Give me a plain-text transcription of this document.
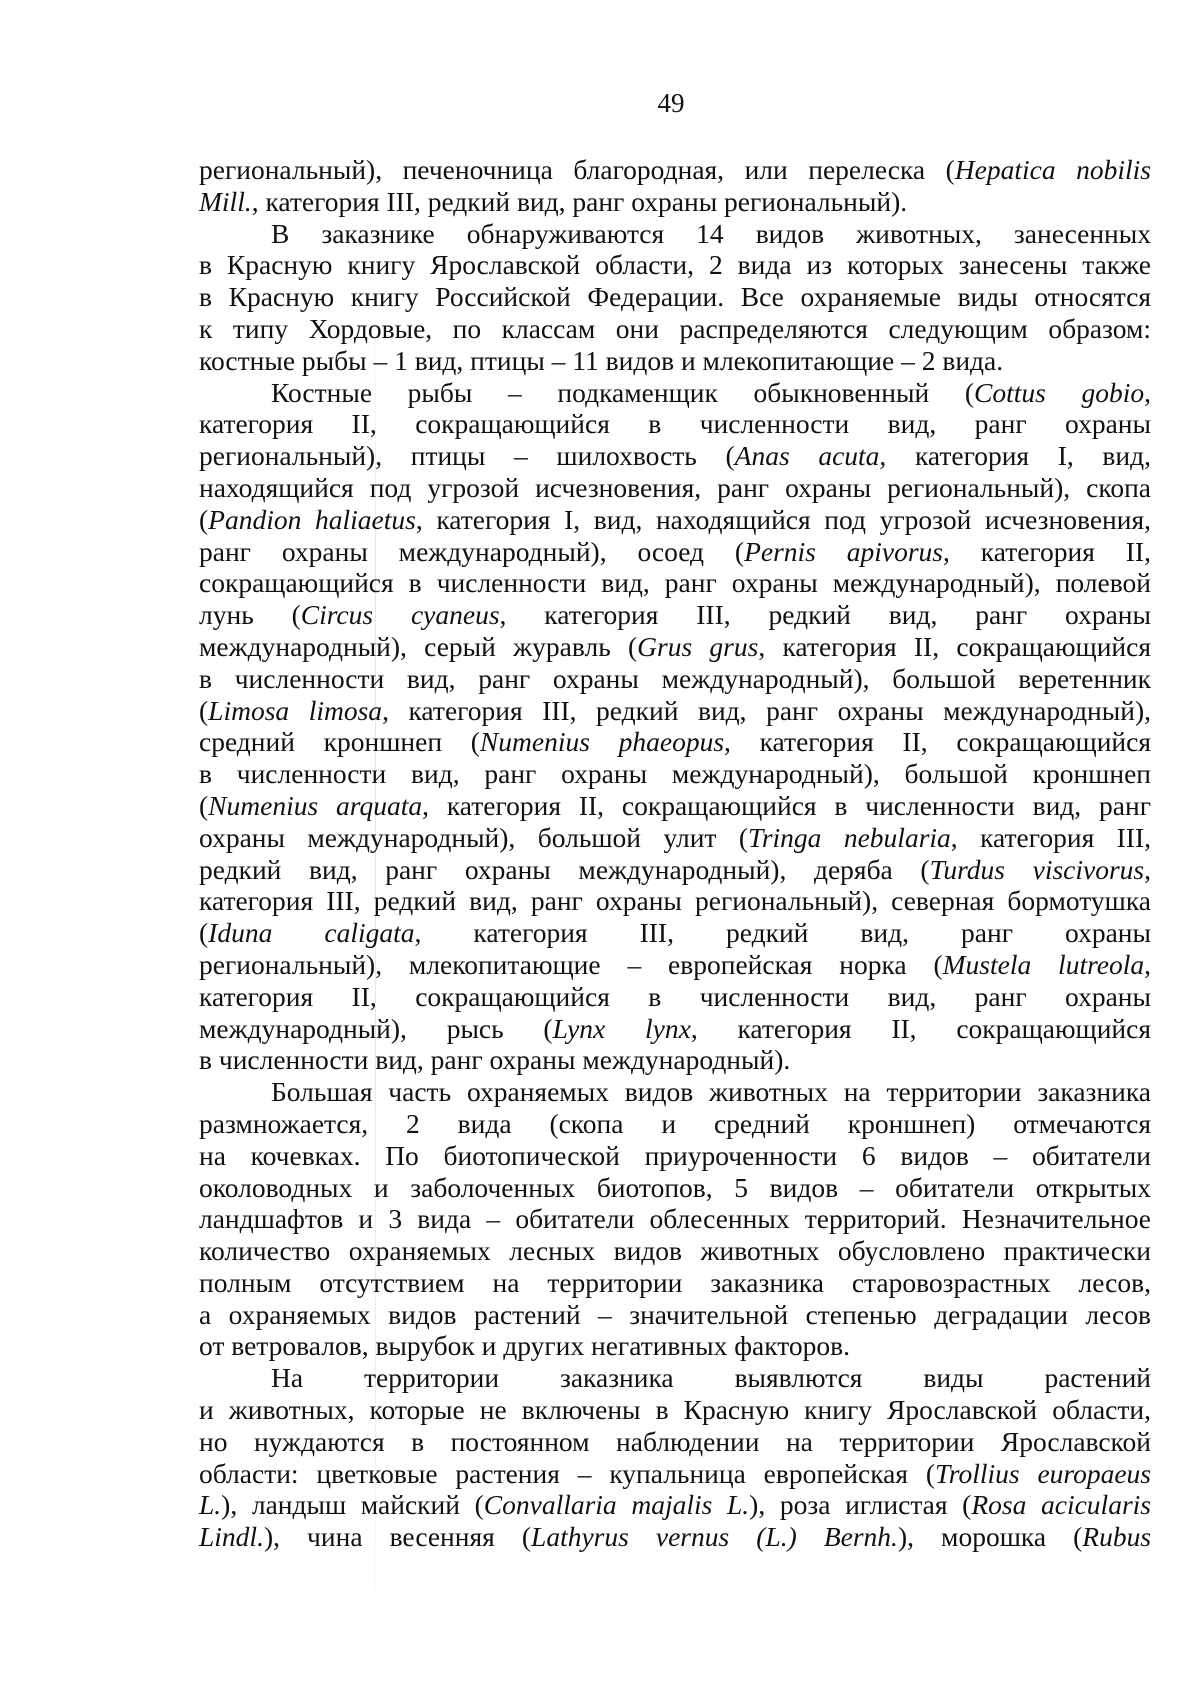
49
региональный), печеночница благородная, или перелеска (Hepatica nobilis
Mill., категория III, редкий вид, ранг охраны региональный).
В заказнике обнаруживаются 14 видов животных, занесенных
в Красную книгу Ярославской области, 2 вида из которых занесены также
в Красную книгу Российской Федерации. Все охраняемые виды относятся
к типу Хордовые, по классам они распределяются следующим образом:
костные рыбы – 1 вид, птицы – 11 видов и млекопитающие – 2 вида.
Костные рыбы – подкаменщик обыкновенный (Cottus gobio,
категория II, сокращающийся в численности вид, ранг охраны
региональный), птицы – шилохвость (Anas acuta, категория I, вид,
находящийся под угрозой исчезновения, ранг охраны региональный), скопа
(Pandion haliaetus, категория I, вид, находящийся под угрозой исчезновения,
ранг охраны международный), осоед (Pernis apivorus, категория II,
сокращающийся в численности вид, ранг охраны международный), полевой
лунь (Circus cyaneus, категория III, редкий вид, ранг охраны
международный), серый журавль (Grus grus, категория II, сокращающийся
в численности вид, ранг охраны международный), большой веретенник
(Limosa limosa, категория III, редкий вид, ранг охраны международный),
средний кроншнеп (Numenius phaeopus, категория II, сокращающийся
в численности вид, ранг охраны международный), большой кроншнеп
(Numenius arquata, категория II, сокращающийся в численности вид, ранг
охраны международный), большой улит (Tringa nebularia, категория III,
редкий вид, ранг охраны международный), деряба (Turdus viscivorus,
категория III, редкий вид, ранг охраны региональный), северная бормотушка
(Iduna caligata, категория III, редкий вид, ранг охраны
региональный), млекопитающие – европейская норка (Mustela lutreola,
категория II, сокращающийся в численности вид, ранг охраны
международный), рысь (Lynx lynx, категория II, сокращающийся
в численности вид, ранг охраны международный).
Большая часть охраняемых видов животных на территории заказника
размножается, 2 вида (скопа и средний кроншнеп) отмечаются
на кочевках. По биотопической приуроченности 6 видов – обитатели
околоводных и заболоченных биотопов, 5 видов – обитатели открытых
ландшафтов и 3 вида – обитатели облесенных территорий. Незначительное
количество охраняемых лесных видов животных обусловлено практически
полным отсутствием на территории заказника старовозрастных лесов,
а охраняемых видов растений – значительной степенью деградации лесов
от ветровалов, вырубок и других негативных факторов.
На территории заказника выявлются виды растений
и животных, которые не включены в Красную книгу Ярославской области,
но нуждаются в постоянном наблюдении на территории Ярославской
области: цветковые растения – купальница европейская (Trollius europaeus
L.), ландыш майский (Convallaria majalis L.), роза иглистая (Rosa acicularis
Lindl.), чина весенняя (Lathyrus vernus (L.) Bernh.), морошка (Rubus
